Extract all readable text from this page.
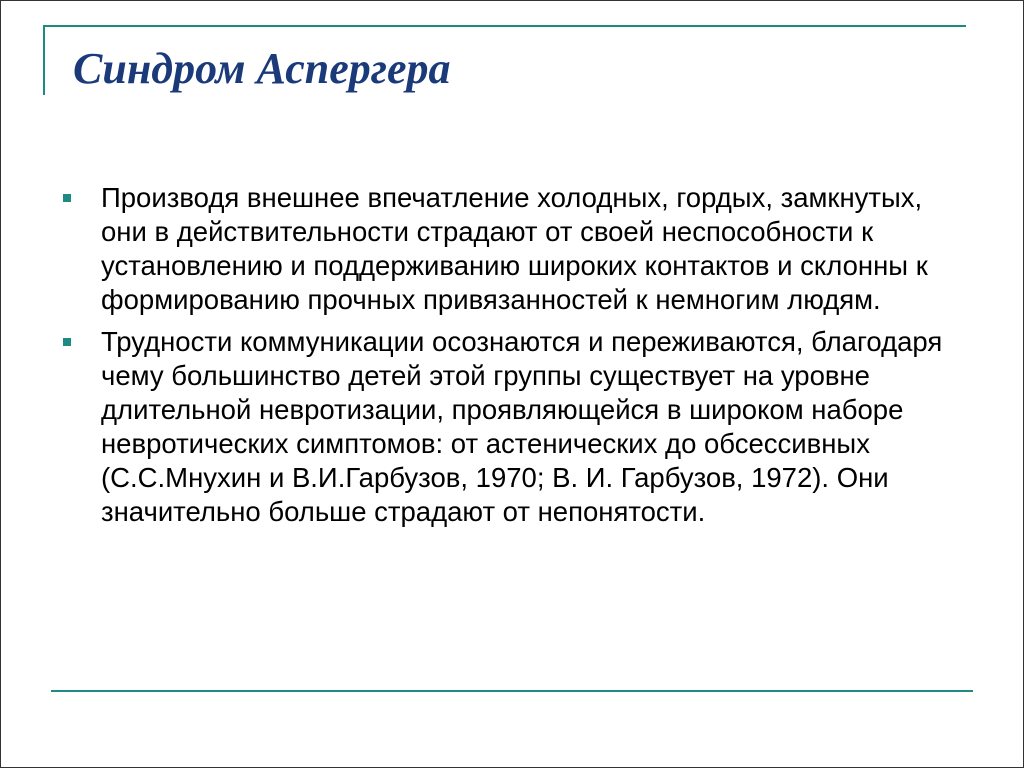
Синдром Аспергера
Производя внешнее впечатление холодных, гордых, замкнутых, они в действительности страдают от своей неспособности к установлению и поддерживанию широких контактов и склонны к формированию прочных привязанностей к немногим людям.
Трудности коммуникации осознаются и переживаются, благодаря чему большинство детей этой группы существует на уровне длительной невротизации, проявляющейся в широком наборе невротических симптомов: от астенических до обсессивных (С.С.Мнухин и В.И.Гарбузов, 1970; В. И. Гарбузов, 1972). Они значительно больше страдают от непонятости.
